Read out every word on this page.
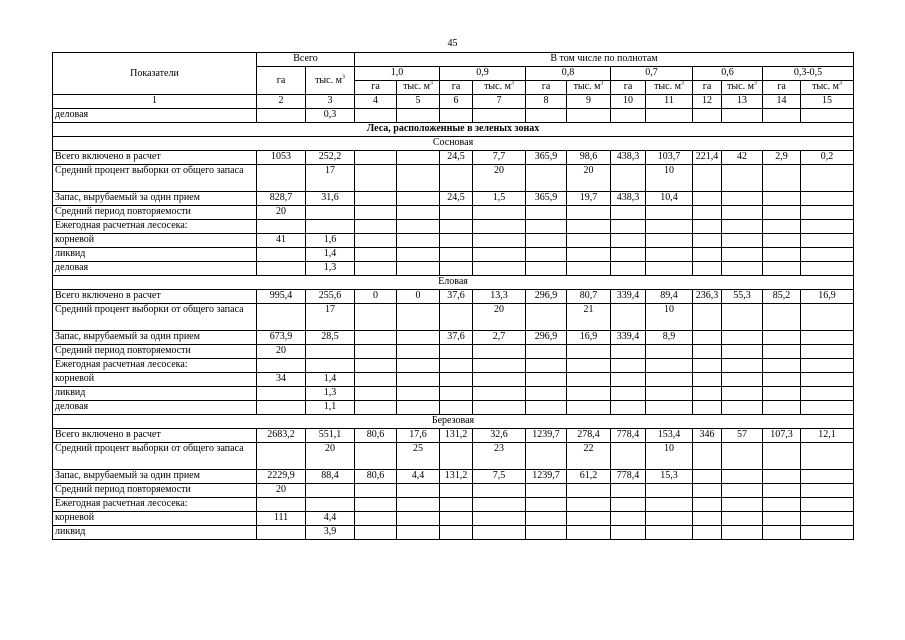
45
Показатели	Всего		В том числе по полнотам											
	га	тыс. $м^3$	1,0		0,9		0,8		0,7		0,6		0,3-0,5	
			га	тыс. $м^3$	га	тыс. $м^3$	га	тыс. $м^3$	га	тыс. $м^3$	га	тыс. $м^3$	га	тыс. $м^3$
1	2	3	4	5	6	7	8	9	10	11	12	13	14	15
деловая		0,3												
Леса, расположенные в зеленых зонах														
Сосновая														
Всего включено в расчет	1053	252,2			24,5	7,7	365,9	98,6	438,3	103,7	221,4	42	2,9	0,2
Средний процент выборки от общего запаса		17				20		20		10				
Запас, вырубаемый за один прием	828,7	31,6			24,5	1,5	365,9	19,7	438,3	10,4				
Средний период повторяемости	20													
Ежегодная расчетная лесосека:														
корневой	41	1,6												
ликвид		1,4												
деловая		1,3												
Еловая														
Всего включено в расчет	995,4	255,6	0	0	37,6	13,3	296,9	80,7	339,4	89,4	236,3	55,3	85,2	16,9
Средний процент выборки от общего запаса		17				20		21		10				
Запас, вырубаемый за один прием	673,9	28,5			37,6	2,7	296,9	16,9	339,4	8,9				
Средний период повторяемости	20													
Ежегодная расчетная лесосека:														
корневой	34	1,4												
ликвид		1,3												
деловая		1,1												
Березовая														
Всего включено в расчет	2683,2	551,1	80,6	17,6	131,2	32,6	1239,7	278,4	778,4	153,4	346	57	107,3	12,1
Средний процент выборки от общего запаса		20		25		23		22		10				
Запас, вырубаемый за один прием	2229,9	88,4	80,6	4,4	131,2	7,5	1239,7	61,2	778,4	15,3				
Средний период повторяемости	20													
Ежегодная расчетная лесосека:														
корневой	111	4,4												
ликвид		3,9												
